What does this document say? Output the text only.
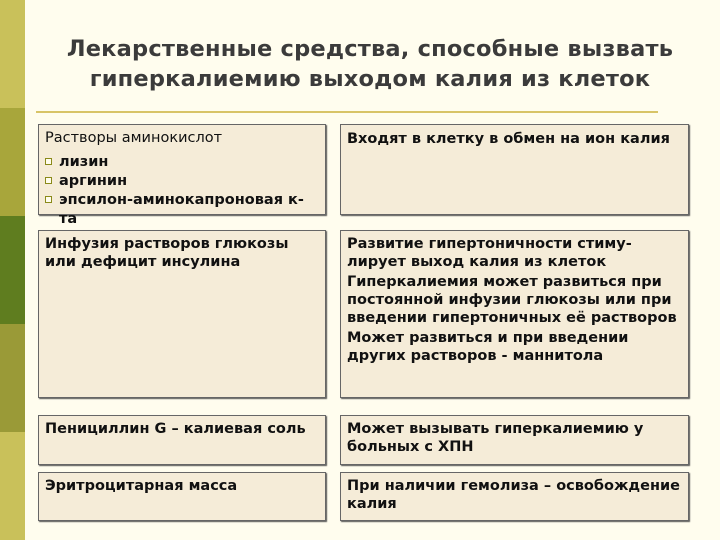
Лекарственные средства, способные вызвать
гиперкалиемию выходом калия из клеток

Растворы аминокислот

лизин
аргинин
эпсилон-аминокапроновая к-та

Входят в клетку в обмен на ион калия

Инфузия растворов глюкозы или дефицит инсулина

Развитие гипертоничности стиму-лирует выход калия из клеток

Гиперкалиемия может развиться при постоянной инфузии глюкозы или при введении гипертоничных её растворов

Может развиться и при введении других растворов - маннитола

Пенициллин G – калиевая соль	Может вызывать гиперкалиемию у больных с ХПН

Эритроцитарная масса	При наличии гемолиза – освобождение калия
